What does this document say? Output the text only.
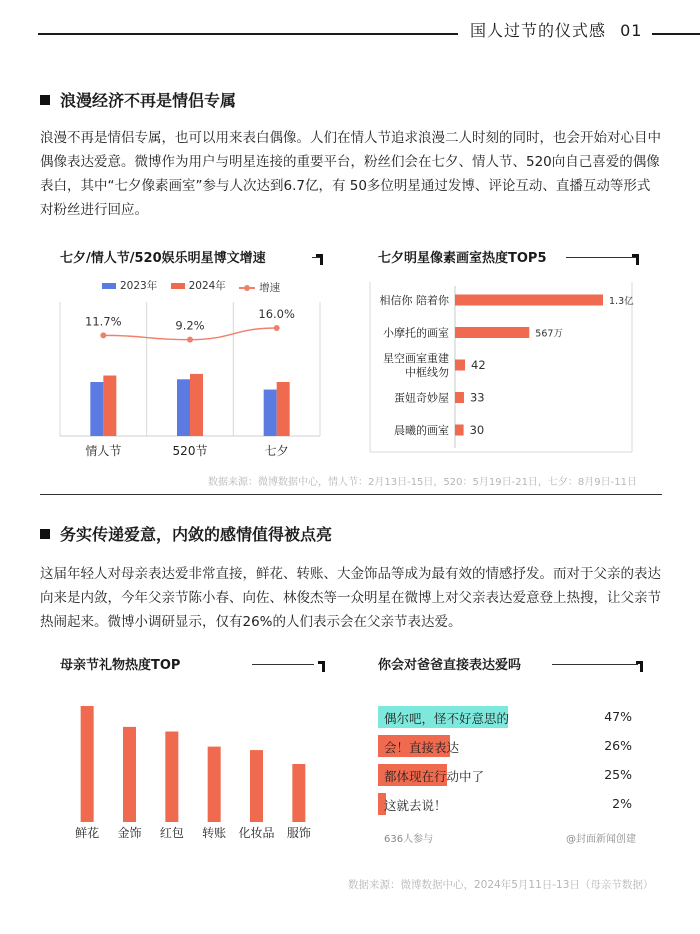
国人过节的仪式感 01
浪漫经济不再是情侣专属
浪漫不再是情侣专属，也可以用来表白偶像。人们在情人节追求浪漫二人时刻的同时，也会开始对心目中偶像表达爱意。微博作为用户与明星连接的重要平台，粉丝们会在七夕、情人节、520向自己喜爱的偶像表白，其中“七夕像素画室”参与人次达到6.7亿，有 50多位明星通过发博、评论互动、直播互动等形式对粉丝进行回应。
七夕/情人节/520娱乐明星博文增速
2023年
	2024年
	增速
情人节
11.7%
520节
9.2%
七夕
16.0%
七夕明星像素画室热度TOP5
1.3亿
相信你 陪着你
567万
小摩托的画室
42
星空画室重建
中框线勿
33
蛋妞奇妙屋
30
晨曦的画室
数据来源：微博数据中心，情人节：2月13日-15日，520：5月19日-21日，七夕：8月9日-11日
务实传递爱意，内敛的感情值得被点亮
这届年轻人对母亲表达爱非常直接，鲜花、转账、大金饰品等成为最有效的情感抒发。而对于父亲的表达向来是内敛，今年父亲节陈小春、向佐、林俊杰等一众明星在微博上对父亲表达爱意登上热搜，让父亲节热闹起来。微博小调研显示，仅有26%的人们表示会在父亲节表达爱。
母亲节礼物热度TOP
鲜花 金饰 红包 转账 化妆品 服饰
你会对爸爸直接表达爱吗
偶尔吧，怪不好意思的	47%
会！直接表达	26%
都体现在行动中了	25%
这就去说！	2%
636人参与	@封面新闻创建
数据来源：微博数据中心，2024年5月11日-13日（母亲节数据）
